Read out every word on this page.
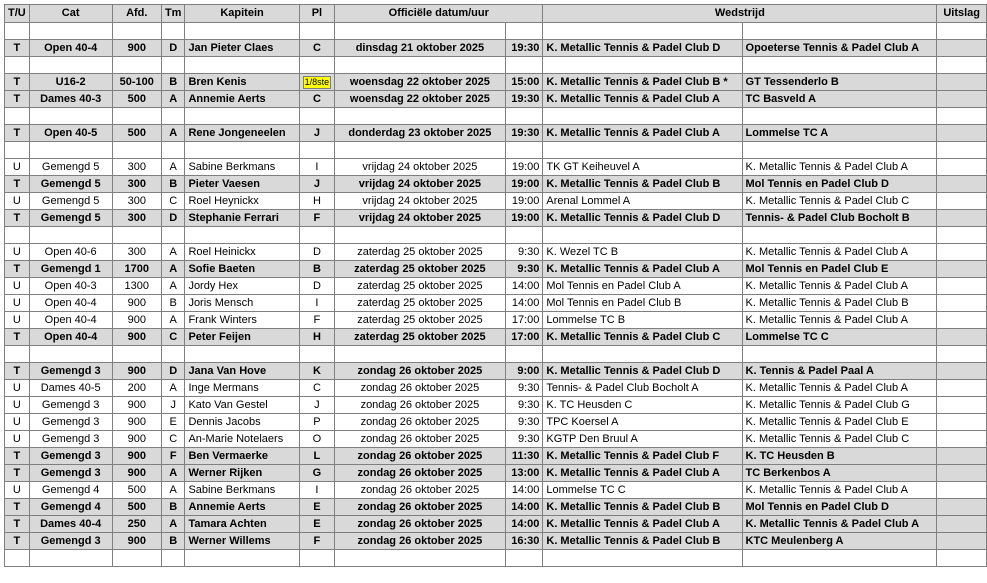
T/U	Cat	Afd.	Tm	Kapitein	Pl	Officiële datum/uur		Wedstrijd		Uitslag

T	Open 40-4	900	D	Jan Pieter Claes	C	dinsdag 21 oktober 2025	19:30	K. Metallic Tennis & Padel Club D	Opoeterse Tennis & Padel Club A	

T	U16-2	50-100	B	Bren Kenis	1/8ste	woensdag 22 oktober 2025	15:00	K. Metallic Tennis & Padel Club B *	GT Tessenderlo B	
T	Dames 40-3	500	A	Annemie Aerts	C	woensdag 22 oktober 2025	19:30	K. Metallic Tennis & Padel Club A	TC Basveld A	

T	Open 40-5	500	A	Rene Jongeneelen	J	donderdag 23 oktober 2025	19:30	K. Metallic Tennis & Padel Club A	Lommelse TC A	

U	Gemengd 5	300	A	Sabine Berkmans	I	vrijdag 24 oktober 2025	19:00	TK GT Keiheuvel A	K. Metallic Tennis & Padel Club A	
T	Gemengd 5	300	B	Pieter Vaesen	J	vrijdag 24 oktober 2025	19:00	K. Metallic Tennis & Padel Club B	Mol Tennis en Padel Club D	
U	Gemengd 5	300	C	Roel Heynickx	H	vrijdag 24 oktober 2025	19:00	Arenal Lommel A	K. Metallic Tennis & Padel Club C	
T	Gemengd 5	300	D	Stephanie Ferrari	F	vrijdag 24 oktober 2025	19:00	K. Metallic Tennis & Padel Club D	Tennis- & Padel Club Bocholt B	

U	Open 40-6	300	A	Roel Heinickx	D	zaterdag 25 oktober 2025	9:30	K. Wezel TC B	K. Metallic Tennis & Padel Club A	
T	Gemengd 1	1700	A	Sofie Baeten	B	zaterdag 25 oktober 2025	9:30	K. Metallic Tennis & Padel Club A	Mol Tennis en Padel Club E	
U	Open 40-3	1300	A	Jordy Hex	D	zaterdag 25 oktober 2025	14:00	Mol Tennis en Padel Club A	K. Metallic Tennis & Padel Club A	
U	Open 40-4	900	B	Joris Mensch	I	zaterdag 25 oktober 2025	14:00	Mol Tennis en Padel Club B	K. Metallic Tennis & Padel Club B	
U	Open 40-4	900	A	Frank Winters	F	zaterdag 25 oktober 2025	17:00	Lommelse TC B	K. Metallic Tennis & Padel Club A	
T	Open 40-4	900	C	Peter Feijen	H	zaterdag 25 oktober 2025	17:00	K. Metallic Tennis & Padel Club C	Lommelse TC C	

T	Gemengd 3	900	D	Jana Van Hove	K	zondag 26 oktober 2025	9:00	K. Metallic Tennis & Padel Club D	K. Tennis & Padel Paal A	
U	Dames 40-5	200	A	Inge Mermans	C	zondag 26 oktober 2025	9:30	Tennis- & Padel Club Bocholt A	K. Metallic Tennis & Padel Club A	
U	Gemengd 3	900	J	Kato Van Gestel	J	zondag 26 oktober 2025	9:30	K. TC Heusden C	K. Metallic Tennis & Padel Club G	
U	Gemengd 3	900	E	Dennis Jacobs	P	zondag 26 oktober 2025	9:30	TPC Koersel A	K. Metallic Tennis & Padel Club E	
U	Gemengd 3	900	C	An-Marie Notelaers	O	zondag 26 oktober 2025	9:30	KGTP Den Bruul A	K. Metallic Tennis & Padel Club C	
T	Gemengd 3	900	F	Ben Vermaerke	L	zondag 26 oktober 2025	11:30	K. Metallic Tennis & Padel Club F	K. TC Heusden B	
T	Gemengd 3	900	A	Werner Rijken	G	zondag 26 oktober 2025	13:00	K. Metallic Tennis & Padel Club A	TC Berkenbos A	
U	Gemengd 4	500	A	Sabine Berkmans	I	zondag 26 oktober 2025	14:00	Lommelse TC C	K. Metallic Tennis & Padel Club A	
T	Gemengd 4	500	B	Annemie Aerts	E	zondag 26 oktober 2025	14:00	K. Metallic Tennis & Padel Club B	Mol Tennis en Padel Club D	
T	Dames 40-4	250	A	Tamara Achten	E	zondag 26 oktober 2025	14:00	K. Metallic Tennis & Padel Club A	K. Metallic Tennis & Padel Club A	
T	Gemengd 3	900	B	Werner Willems	F	zondag 26 oktober 2025	16:30	K. Metallic Tennis & Padel Club B	KTC Meulenberg A	
